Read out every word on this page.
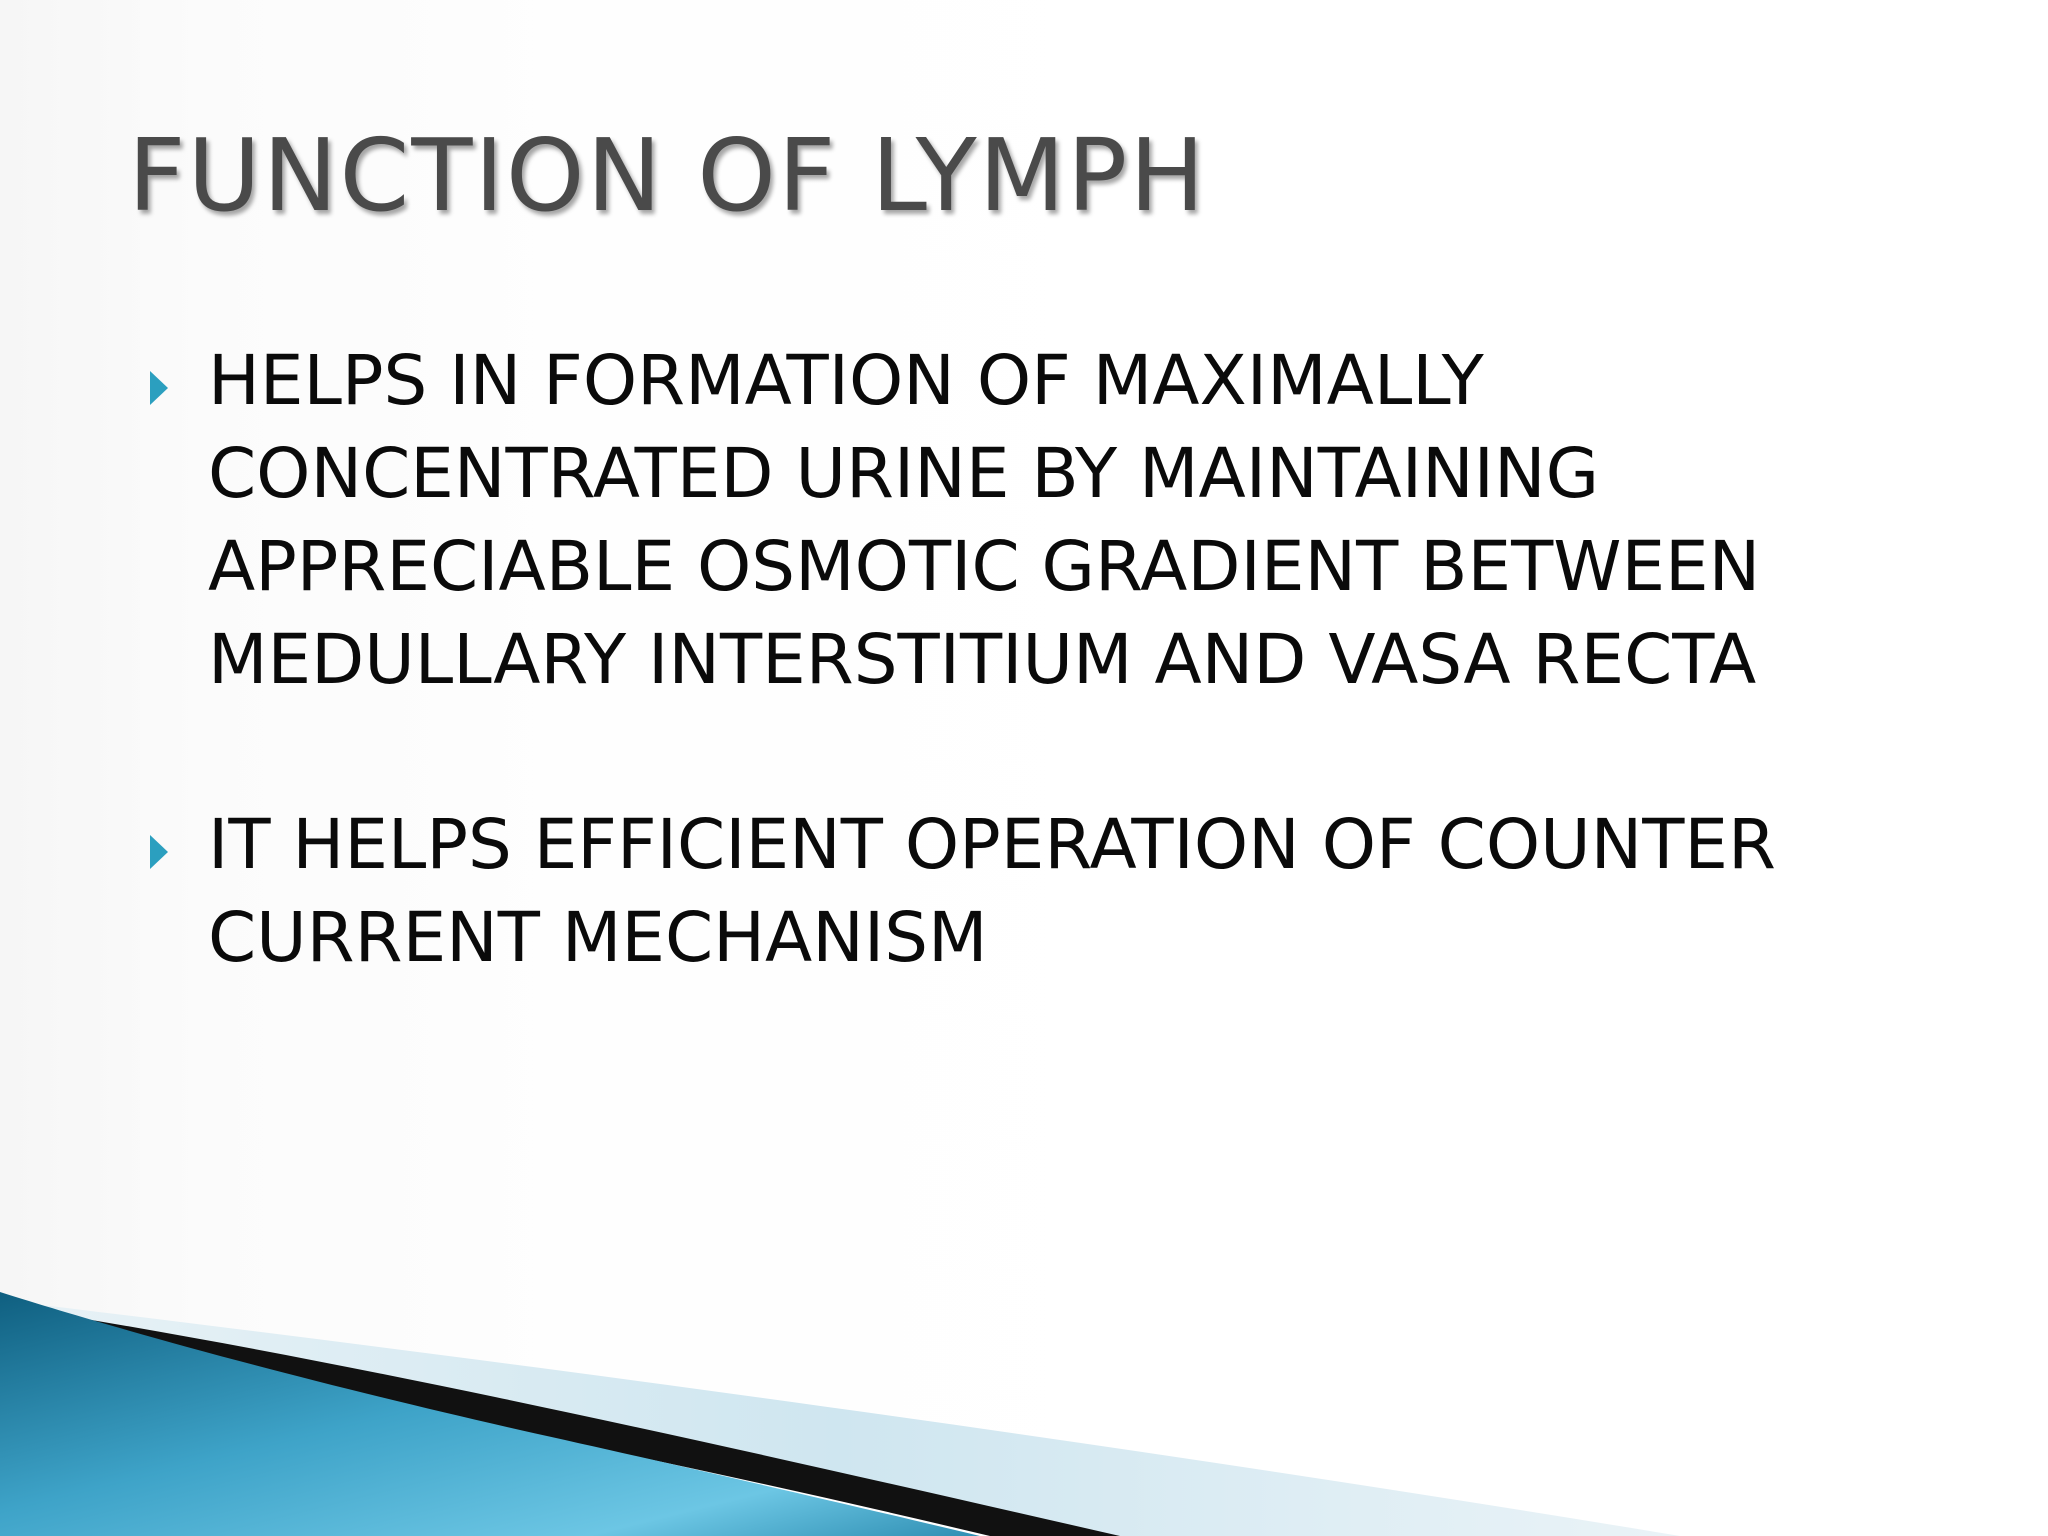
FUNCTION OF LYMPH
HELPS IN FORMATION OF MAXIMALLY CONCENTRATED URINE BY MAINTAINING APPRECIABLE OSMOTIC GRADIENT BETWEEN MEDULLARY INTERSTITIUM AND VASA RECTA
IT HELPS EFFICIENT OPERATION OF COUNTER CURRENT MECHANISM
